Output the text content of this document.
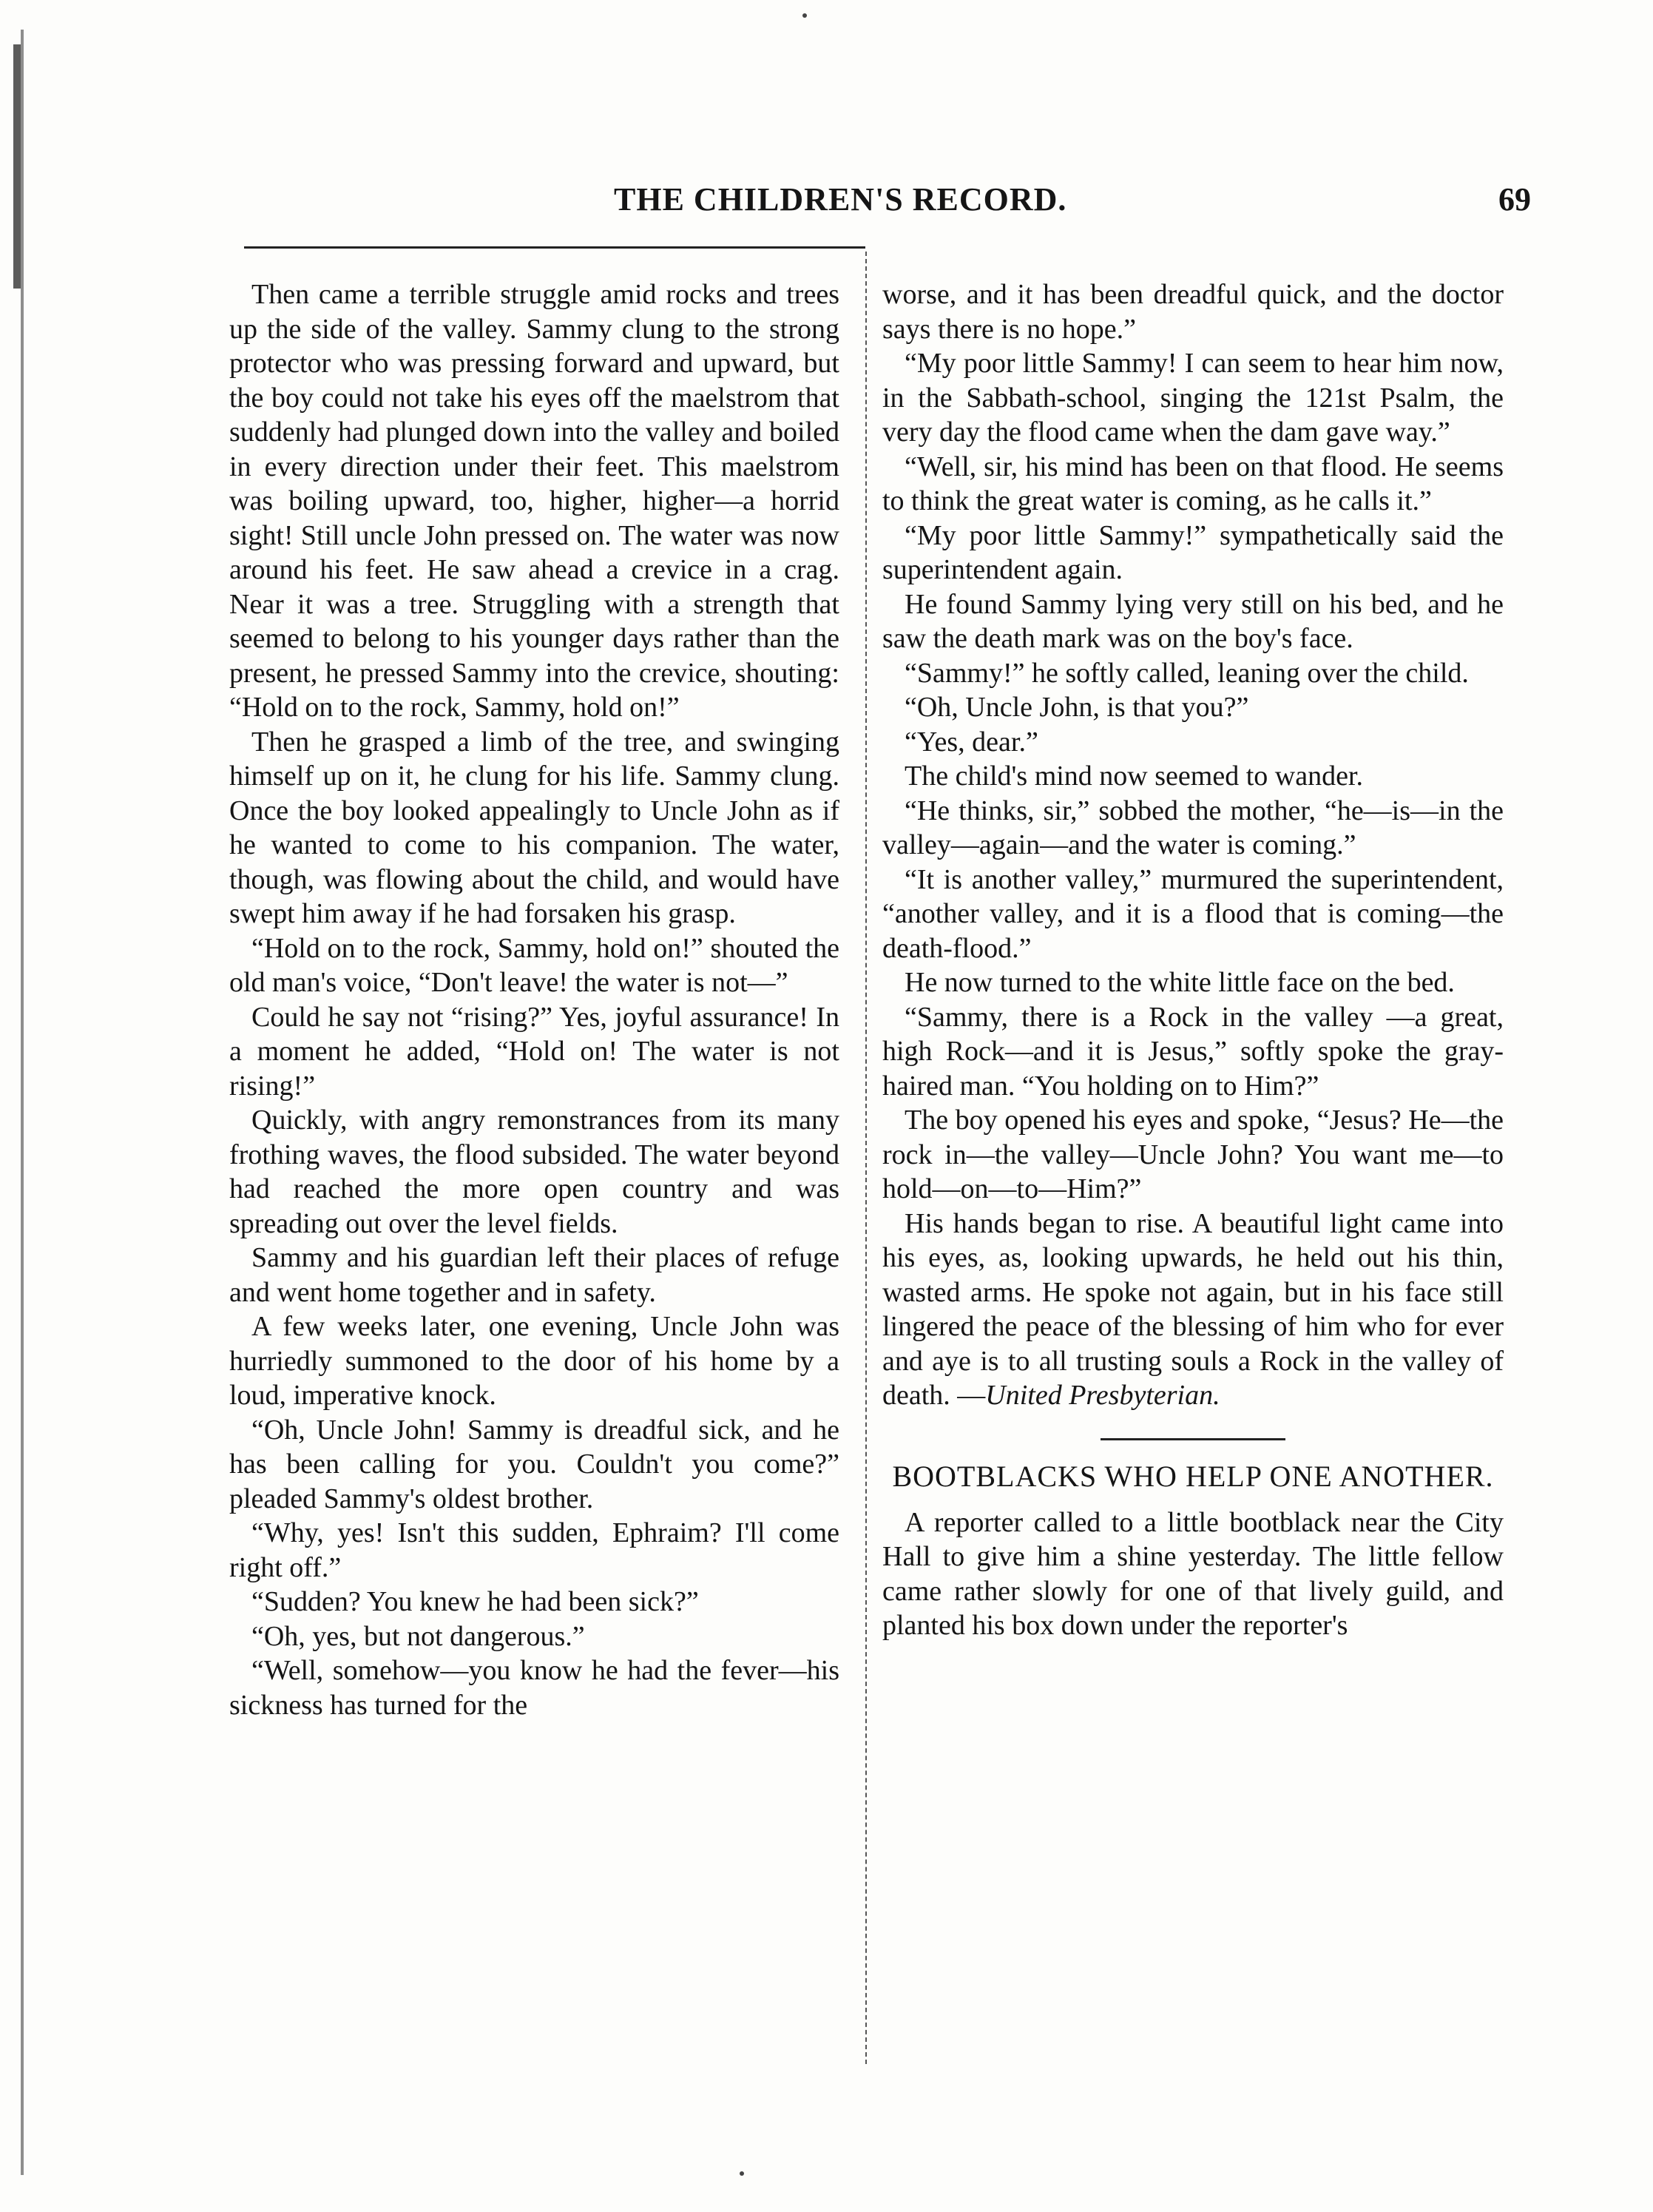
THE CHILDREN'S RECORD.	69

Then came a terrible struggle amid rocks and trees up the side of the valley. Sammy clung to the strong protector who was pressing forward and upward, but the boy could not take his eyes off the maelstrom that suddenly had plunged down into the valley and boiled in every direction under their feet. This maelstrom was boiling upward, too, higher, higher—a horrid sight! Still uncle John pressed on. The water was now around his feet. He saw ahead a crevice in a crag. Near it was a tree. Struggling with a strength that seemed to belong to his younger days rather than the present, he pressed Sammy into the crevice, shouting: “Hold on to the rock, Sammy, hold on!”

Then he grasped a limb of the tree, and swinging himself up on it, he clung for his life. Sammy clung. Once the boy looked appealingly to Uncle John as if he wanted to come to his companion. The water, though, was flowing about the child, and would have swept him away if he had forsaken his grasp.

“Hold on to the rock, Sammy, hold on!” shouted the old man's voice, “Don't leave! the water is not—”

Could he say not “rising?” Yes, joyful assurance! In a moment he added, “Hold on! The water is not rising!”

Quickly, with angry remonstrances from its many frothing waves, the flood subsided. The water beyond had reached the more open country and was spreading out over the level fields.

Sammy and his guardian left their places of refuge and went home together and in safety.

A few weeks later, one evening, Uncle John was hurriedly summoned to the door of his home by a loud, imperative knock.

“Oh, Uncle John! Sammy is dreadful sick, and he has been calling for you. Couldn't you come?” pleaded Sammy's oldest brother.

“Why, yes! Isn't this sudden, Ephraim? I'll come right off.”

“Sudden? You knew he had been sick?”

“Oh, yes, but not dangerous.”

“Well, somehow—you know he had the fever—his sickness has turned for the

worse, and it has been dreadful quick, and the doctor says there is no hope.”

“My poor little Sammy! I can seem to hear him now, in the Sabbath-school, singing the 121st Psalm, the very day the flood came when the dam gave way.”

“Well, sir, his mind has been on that flood. He seems to think the great water is coming, as he calls it.”

“My poor little Sammy!” sympathetically said the superintendent again.

He found Sammy lying very still on his bed, and he saw the death mark was on the boy's face.

“Sammy!” he softly called, leaning over the child.

“Oh, Uncle John, is that you?”

“Yes, dear.”

The child's mind now seemed to wander.

“He thinks, sir,” sobbed the mother, “he—is—in the valley—again—and the water is coming.”

“It is another valley,” murmured the superintendent, “another valley, and it is a flood that is coming—the death-flood.”

He now turned to the white little face on the bed.

“Sammy, there is a Rock in the valley —a great, high Rock—and it is Jesus,” softly spoke the gray-haired man. “You holding on to Him?”

The boy opened his eyes and spoke, “Jesus? He—the rock in—the valley—Uncle John? You want me—to hold—on—to—Him?”

His hands began to rise. A beautiful light came into his eyes, as, looking upwards, he held out his thin, wasted arms. He spoke not again, but in his face still lingered the peace of the blessing of him who for ever and aye is to all trusting souls a Rock in the valley of death. —United Presbyterian.

BOOTBLACKS WHO HELP ONE ANOTHER.

A reporter called to a little bootblack near the City Hall to give him a shine yesterday. The little fellow came rather slowly for one of that lively guild, and planted his box down under the reporter's
